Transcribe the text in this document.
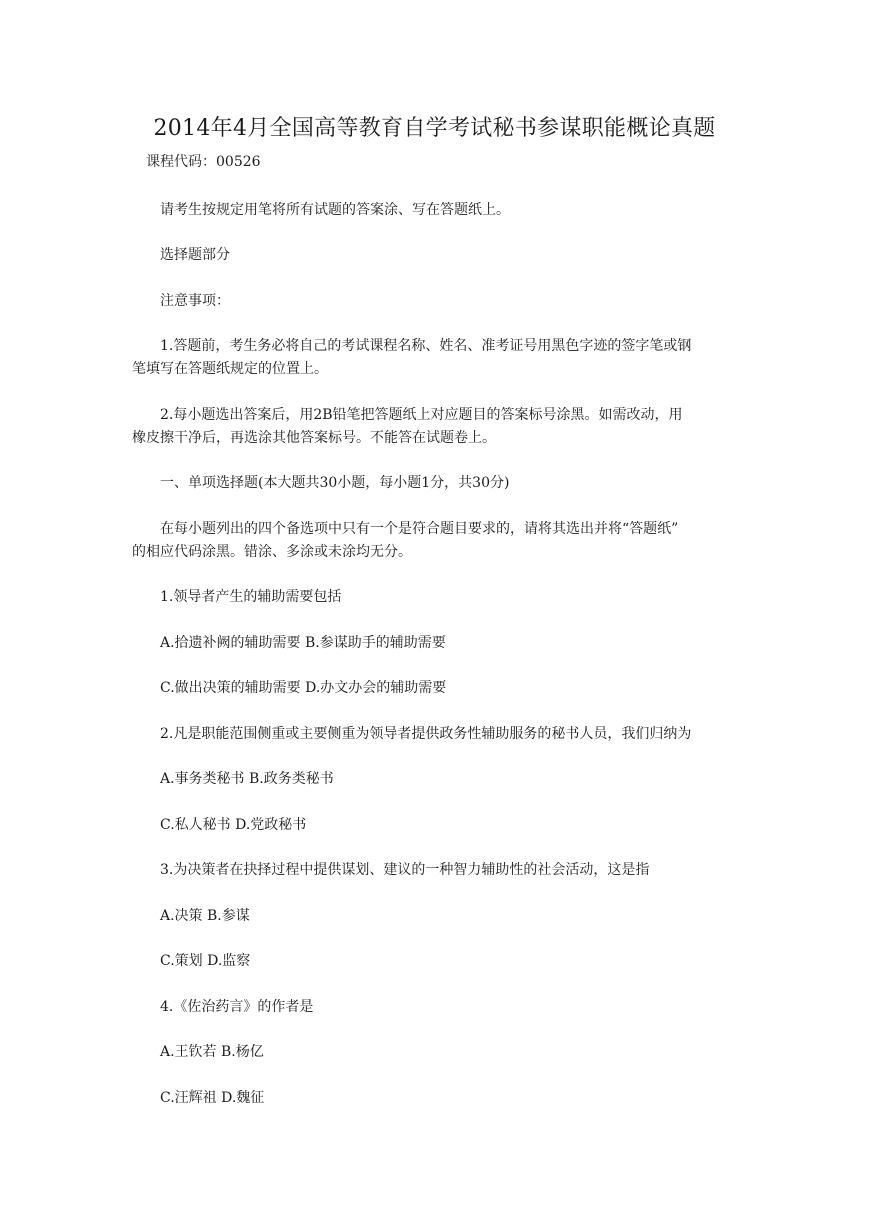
2014年4月全国高等教育自学考试秘书参谋职能概论真题
课程代码：00526
请考生按规定用笔将所有试题的答案涂、写在答题纸上。
选择题部分
注意事项：
1.答题前，考生务必将自己的考试课程名称、姓名、准考证号用黑色字迹的签字笔或钢
笔填写在答题纸规定的位置上。
2.每小题选出答案后，用2B铅笔把答题纸上对应题目的答案标号涂黑。如需改动，用
橡皮擦干净后，再选涂其他答案标号。不能答在试题卷上。
一、单项选择题(本大题共30小题，每小题1分，共30分)
在每小题列出的四个备选项中只有一个是符合题目要求的，请将其选出并将“答题纸”
的相应代码涂黑。错涂、多涂或未涂均无分。
1.领导者产生的辅助需要包括
A.拾遗补阙的辅助需要 B.参谋助手的辅助需要
C.做出决策的辅助需要 D.办文办会的辅助需要
2.凡是职能范围侧重或主要侧重为领导者提供政务性辅助服务的秘书人员，我们归纳为
A.事务类秘书 B.政务类秘书
C.私人秘书 D.党政秘书
3.为决策者在抉择过程中提供谋划、建议的一种智力辅助性的社会活动，这是指
A.决策 B.参谋
C.策划 D.监察
4.《佐治药言》的作者是
A.王钦若 B.杨亿
C.汪辉祖 D.魏征
